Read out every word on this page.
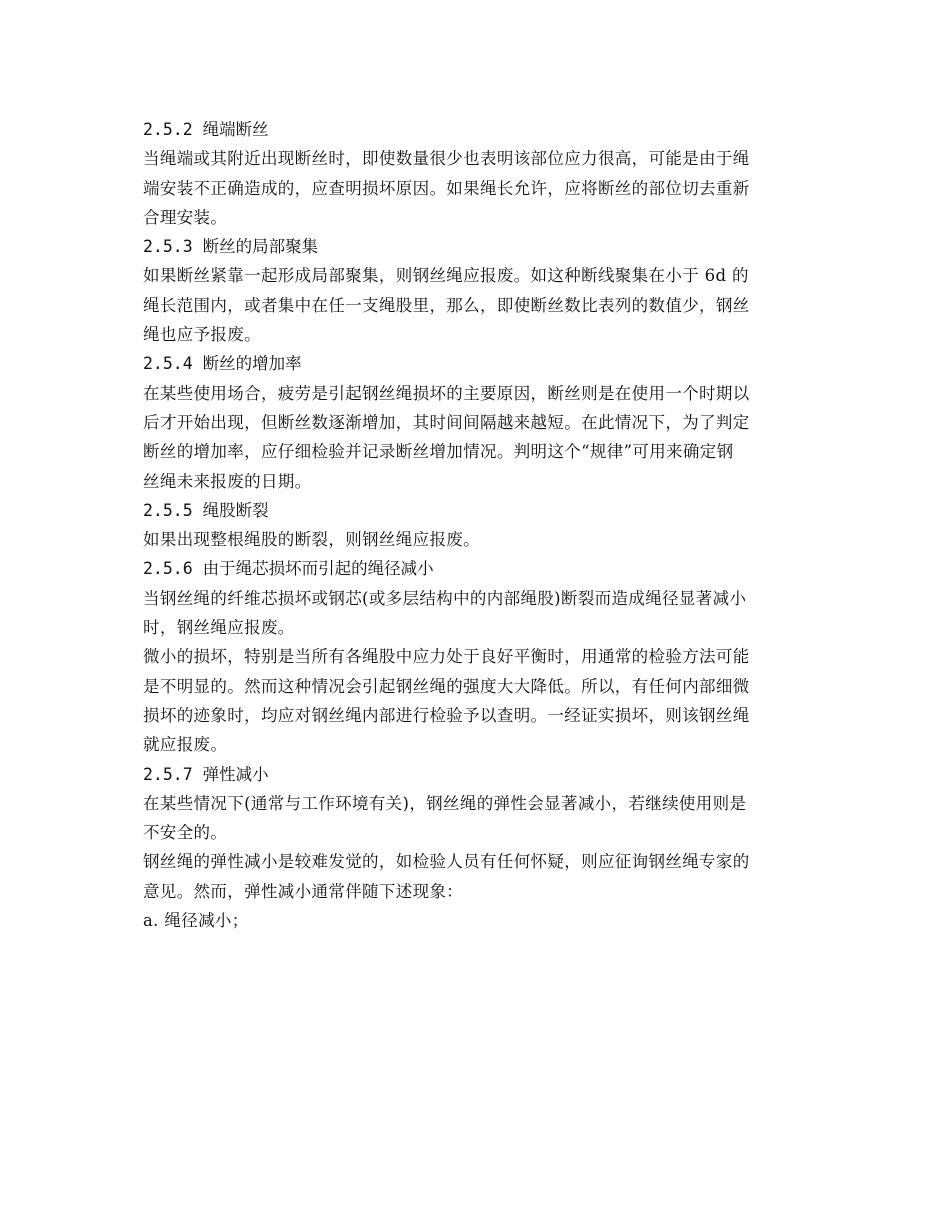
2.5.2 绳端断丝

当绳端或其附近出现断丝时，即使数量很少也表明该部位应力很高，可能是由于绳

端安装不正确造成的，应查明损坏原因。如果绳长允许，应将断丝的部位切去重新

合理安装。

2.5.3 断丝的局部聚集

如果断丝紧靠一起形成局部聚集，则钢丝绳应报废。如这种断线聚集在小于 6d 的

绳长范围内，或者集中在任一支绳股里，那么，即使断丝数比表列的数值少，钢丝

绳也应予报废。

2.5.4 断丝的增加率

在某些使用场合，疲劳是引起钢丝绳损坏的主要原因，断丝则是在使用一个时期以

后才开始出现，但断丝数逐渐增加，其时间间隔越来越短。在此情况下，为了判定

断丝的增加率，应仔细检验并记录断丝增加情况。判明这个“规律”可用来确定钢

丝绳未来报废的日期。

2.5.5 绳股断裂

如果出现整根绳股的断裂，则钢丝绳应报废。

2.5.6 由于绳芯损坏而引起的绳径减小

当钢丝绳的纤维芯损坏或钢芯(或多层结构中的内部绳股)断裂而造成绳径显著减小

时，钢丝绳应报废。

微小的损坏，特别是当所有各绳股中应力处于良好平衡时，用通常的检验方法可能

是不明显的。然而这种情况会引起钢丝绳的强度大大降低。所以，有任何内部细微

损坏的迹象时，均应对钢丝绳内部进行检验予以查明。一经证实损坏，则该钢丝绳

就应报废。

2.5.7 弹性减小

在某些情况下(通常与工作环境有关)，钢丝绳的弹性会显著减小，若继续使用则是

不安全的。

钢丝绳的弹性减小是较难发觉的，如检验人员有任何怀疑，则应征询钢丝绳专家的

意见。然而，弹性减小通常伴随下述现象：

a. 绳径减小；
